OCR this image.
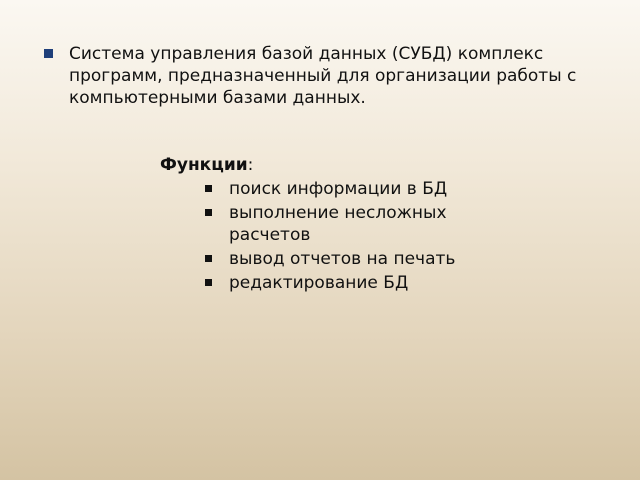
Система управления базой данных (СУБД) комплекс программ, предназначенный для организации работы с компьютерными базами данных.
Функции:
поиск информации в БД
выполнение несложных расчетов
вывод отчетов на печать
редактирование БД
